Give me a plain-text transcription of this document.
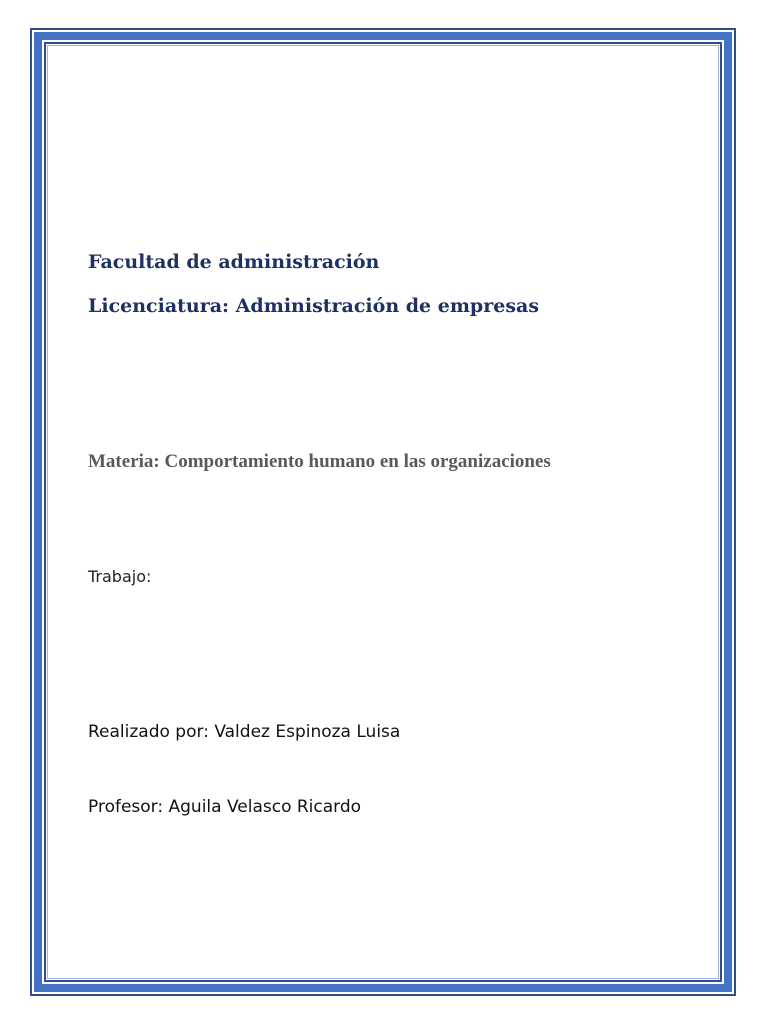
Facultad de administración

Licenciatura: Administración de empresas

Materia: Comportamiento humano en las organizaciones

Trabajo:

Realizado por: Valdez Espinoza Luisa

Profesor: Aguila Velasco Ricardo
